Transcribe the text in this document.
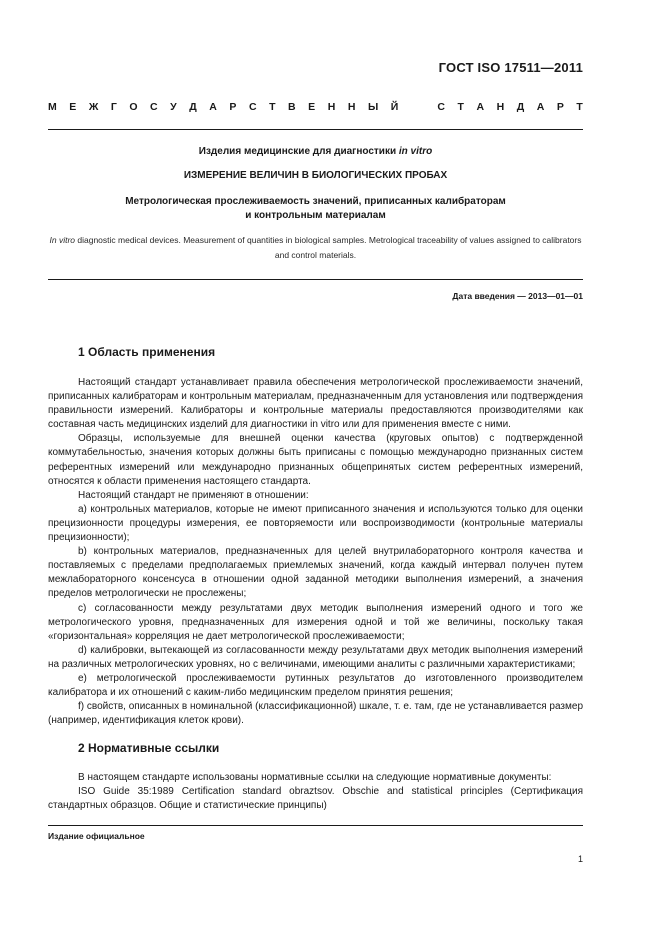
ГОСТ ISO 17511—2011
М Е Ж Г О С У Д А Р С Т В Е Н Н Ы Й	С Т А Н Д А Р Т
Изделия медицинские для диагностики in vitro
ИЗМЕРЕНИЕ ВЕЛИЧИН В БИОЛОГИЧЕСКИХ ПРОБАХ
Метрологическая прослеживаемость значений, приписанных калибраторам
и контрольным материалам
In vitro diagnostic medical devices. Measurement of quantities in biological samples. Metrological traceability of values assigned to calibrators and control materials.
Дата введения — 2013—01—01
1 Область применения

Настоящий стандарт устанавливает правила обеспечения метрологической прослеживаемости значений, приписанных калибраторам и контрольным материалам, предназначенным для установления или подтверждения правильности измерений. Калибраторы и контрольные материалы предоставляются производителями как составная часть медицинских изделий для диагностики in vitro или для применения вместе с ними.

Образцы, используемые для внешней оценки качества (круговых опытов) с подтвержденной коммутабельностью, значения которых должны быть приписаны с помощью международно признанных систем референтных измерений или международно признанных общепринятых систем референтных измерений, относятся к области применения настоящего стандарта.

Настоящий стандарт не применяют в отношении:

a) контрольных материалов, которые не имеют приписанного значения и используются только для оценки прецизионности процедуры измерения, ее повторяемости или воспроизводимости (контрольные материалы прецизионности);

b) контрольных материалов, предназначенных для целей внутрилабораторного контроля качества и поставляемых с пределами предполагаемых приемлемых значений, когда каждый интервал получен путем межлабораторного консенсуса в отношении одной заданной методики выполнения измерений, а значения пределов метрологически не прослежены;

c) согласованности между результатами двух методик выполнения измерений одного и того же метрологического уровня, предназначенных для измерения одной и той же величины, поскольку такая «горизонтальная» корреляция не дает метрологической прослеживаемости;

d) калибровки, вытекающей из согласованности между результатами двух методик выполнения измерений на различных метрологических уровнях, но с величинами, имеющими аналиты с различными характеристиками;

e) метрологической прослеживаемости рутинных результатов до изготовленного производителем калибратора и их отношений с каким-либо медицинским пределом принятия решения;

f) свойств, описанных в номинальной (классификационной) шкале, т. е. там, где не устанавливается размер (например, идентификация клеток крови).

2 Нормативные ссылки

В настоящем стандарте использованы нормативные ссылки на следующие нормативные документы:

ISO Guide 35:1989 Certification standard obraztsov. Obschie and statistical principles (Сертификация стандартных образцов. Общие и статистические принципы)

Издание официальное
1
